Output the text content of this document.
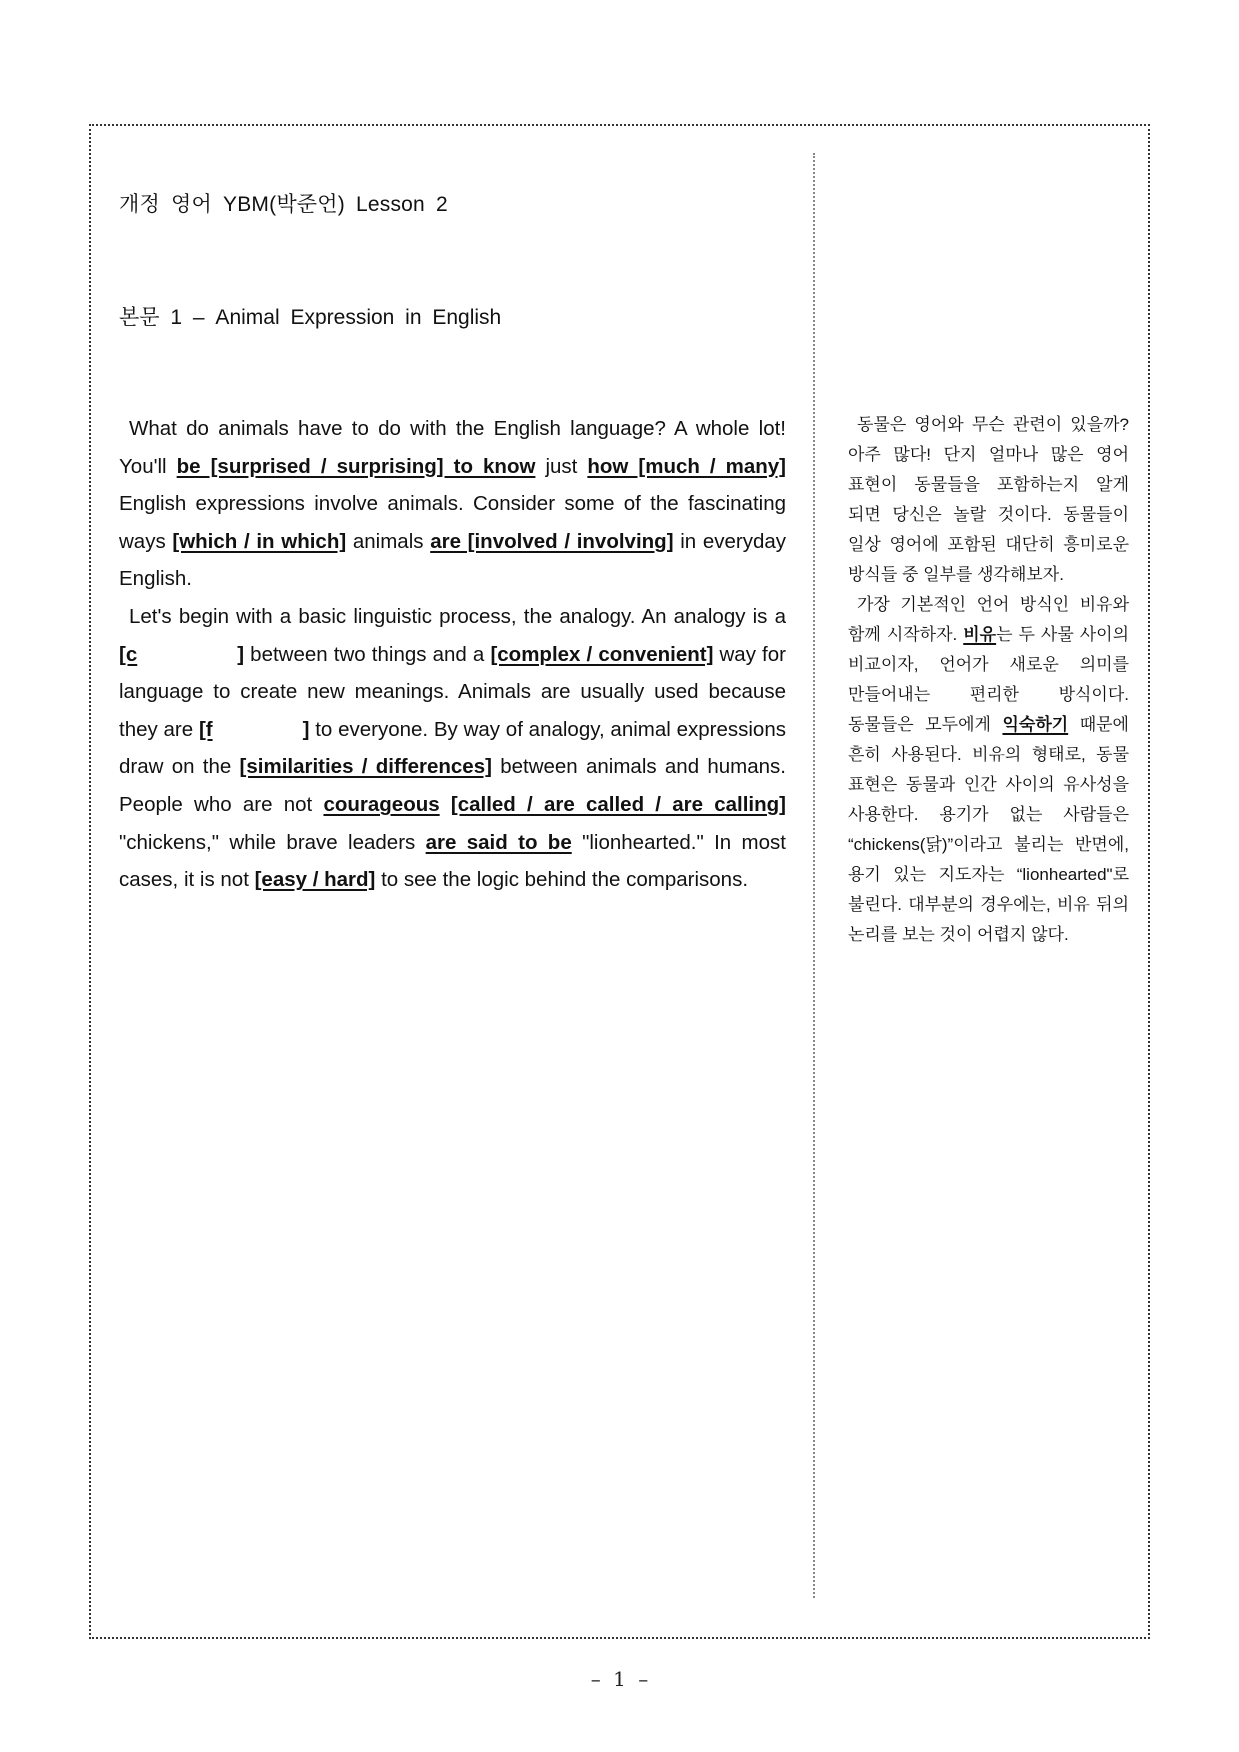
개정 영어 YBM(박준언) Lesson 2
본문 1 – Animal Expression in English

What do animals have to do with the English language? A whole lot! You'll be [surprised / surprising] to know just how [much / many] English expressions involve animals. Consider some of the fascinating ways [which / in which] animals are [involved / involving] in everyday English.

Let's begin with a basic linguistic process, the analogy. An analogy is a [c	] between two things and a [complex / convenient] way for language to create new meanings. Animals are usually used because they are [f	] to everyone. By way of analogy, animal expressions draw on the [similarities / differences] between animals and humans. People who are not courageous [called / are called / are calling] "chickens," while brave leaders are said to be "lionhearted." In most cases, it is not [easy / hard] to see the logic behind the comparisons.

동물은 영어와 무슨 관련이 있을까? 아주 많다! 단지 얼마나 많은 영어 표현이 동물들을 포함하는지 알게 되면 당신은 놀랄 것이다. 동물들이 일상 영어에 포함된 대단히 흥미로운 방식들 중 일부를 생각해보자.

가장 기본적인 언어 방식인 비유와 함께 시작하자. 비유는 두 사물 사이의 비교이자, 언어가 새로운 의미를 만들어내는 편리한 방식이다. 동물들은 모두에게 익숙하기 때문에 흔히 사용된다. 비유의 형태로, 동물 표현은 동물과 인간 사이의 유사성을 사용한다. 용기가 없는 사람들은 “chickens(닭)”이라고 불리는 반면에, 용기 있는 지도자는 “lionhearted"로 불린다. 대부분의 경우에는, 비유 뒤의 논리를 보는 것이 어렵지 않다.

– 1 –
